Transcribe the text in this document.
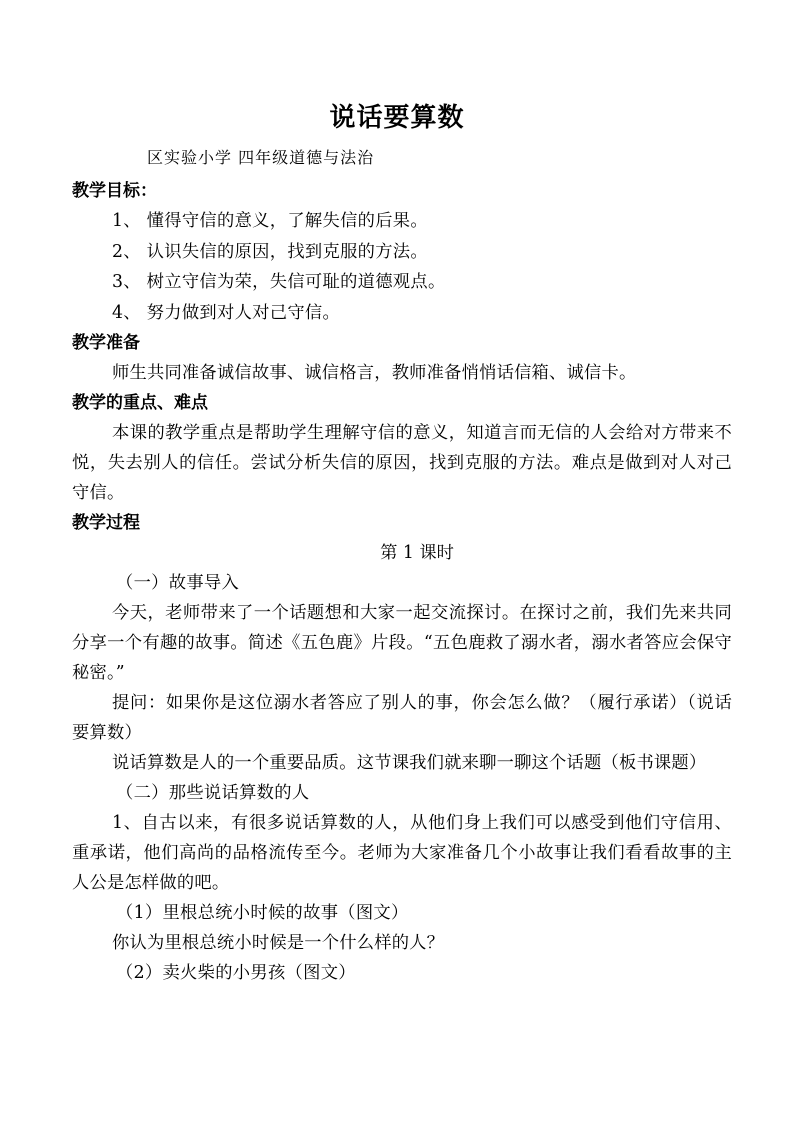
说话要算数
区实验小学 四年级道德与法治

教学目标：

1、 懂得守信的意义，了解失信的后果。

2、 认识失信的原因，找到克服的方法。

3、 树立守信为荣，失信可耻的道德观点。

4、 努力做到对人对己守信。

教学准备

师生共同准备诚信故事、诚信格言，教师准备悄悄话信箱、诚信卡。

教学的重点、难点

本课的教学重点是帮助学生理解守信的意义，知道言而无信的人会给对方带来不悦，失去别人的信任。尝试分析失信的原因，找到克服的方法。难点是做到对人对己守信。

教学过程

第 1 课时

（一）故事导入

今天，老师带来了一个话题想和大家一起交流探讨。在探讨之前，我们先来共同分享一个有趣的故事。简述《五色鹿》片段。“五色鹿救了溺水者，溺水者答应会保守秘密。”

提问：如果你是这位溺水者答应了别人的事，你会怎么做？（履行承诺）（说话要算数）

说话算数是人的一个重要品质。这节课我们就来聊一聊这个话题（板书课题）

（二）那些说话算数的人

1、自古以来，有很多说话算数的人，从他们身上我们可以感受到他们守信用、重承诺，他们高尚的品格流传至今。老师为大家准备几个小故事让我们看看故事的主人公是怎样做的吧。

（1）里根总统小时候的故事（图文）

你认为里根总统小时候是一个什么样的人？

（2）卖火柴的小男孩（图文）
